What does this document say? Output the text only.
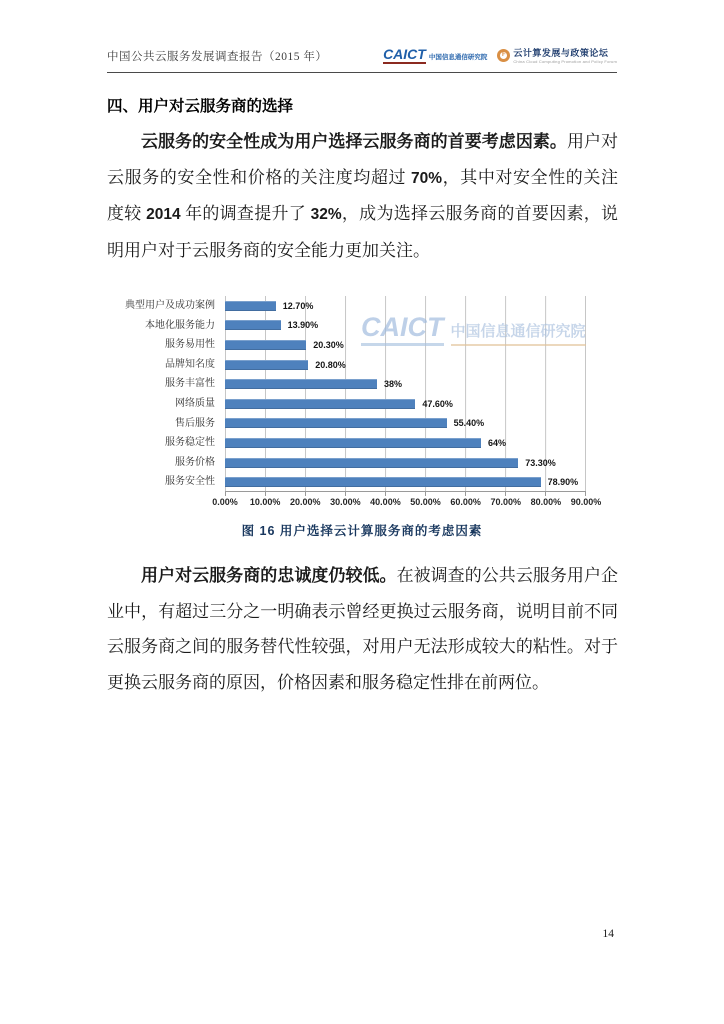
中国公共云服务发展调查报告（2015 年）	CAICT 中国信息通信研究院	F 云计算发展与政策论坛
China Cloud Computing Promotion and Policy Forum
四、用户对云服务商的选择

云服务的安全性成为用户选择云服务商的首要考虑因素。用户对云服务的安全性和价格的关注度均超过 70%，其中对安全性的关注度较 2014 年的调查提升了 32%，成为选择云服务商的首要因素，说明用户对于云服务商的安全能力更加关注。

典型用户及成功案例
本地化服务能力
服务易用性
品牌知名度
服务丰富性
网络质量
售后服务
服务稳定性
服务价格
服务安全性
CAICT 中国信息通信研究院
12.70%
13.90%
20.30%
20.80%
38%
47.60%
55.40%
64%
73.30%
78.90%
0.00% 10.00% 20.00% 30.00% 40.00% 50.00% 60.00% 70.00% 80.00% 90.00%
图 16 用户选择云计算服务商的考虑因素

用户对云服务商的忠诚度仍较低。在被调查的公共云服务用户企业中，有超过三分之一明确表示曾经更换过云服务商，说明目前不同云服务商之间的服务替代性较强，对用户无法形成较大的粘性。对于更换云服务商的原因，价格因素和服务稳定性排在前两位。

14
